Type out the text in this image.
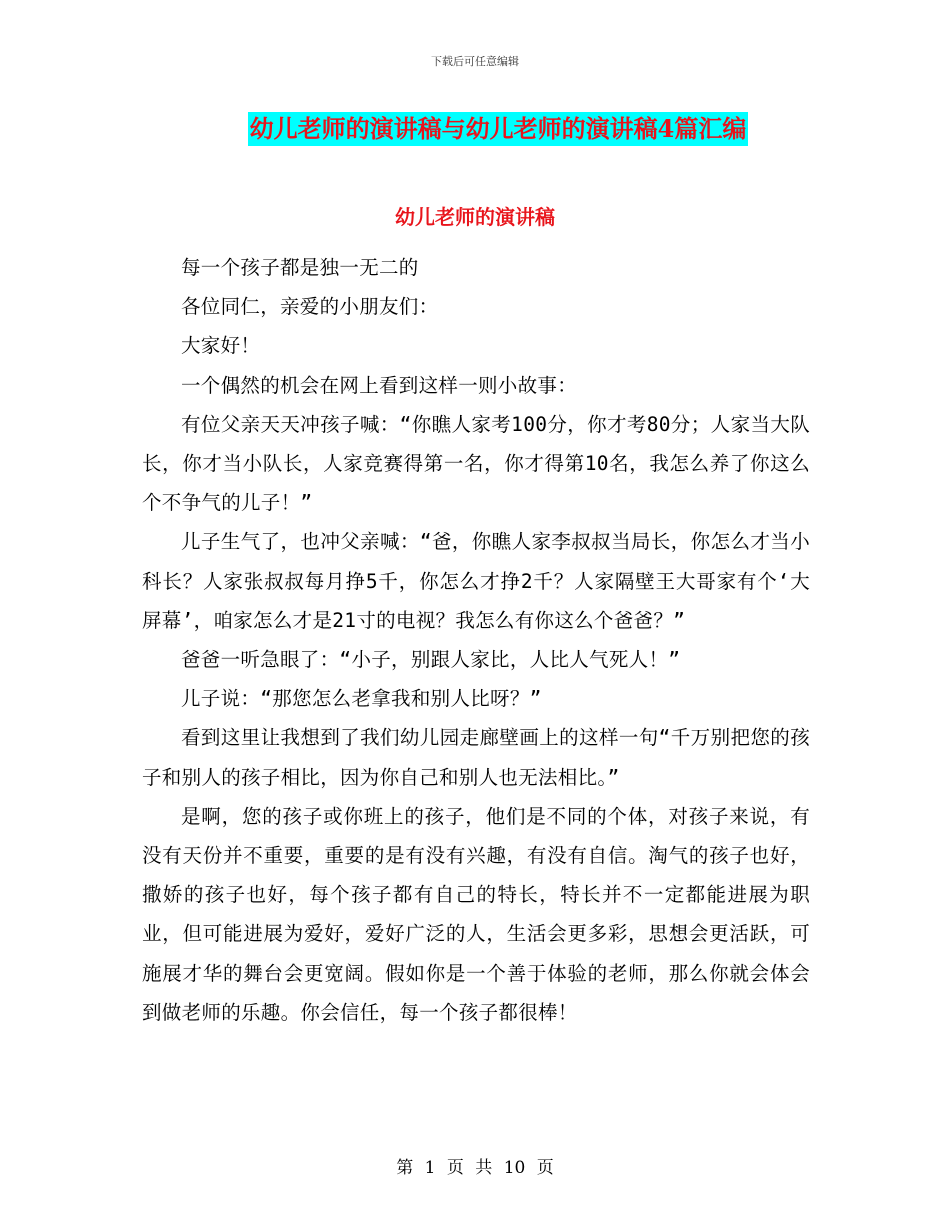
下载后可任意编辑
幼儿老师的演讲稿与幼儿老师的演讲稿4篇汇编
幼儿老师的演讲稿

每一个孩子都是独一无二的

各位同仁，亲爱的小朋友们：

大家好！

一个偶然的机会在网上看到这样一则小故事：

有位父亲天天冲孩子喊：“你瞧人家考100分，你才考80分；人家当大队长，你才当小队长，人家竞赛得第一名，你才得第10名，我怎么养了你这么个不争气的儿子！”

儿子生气了，也冲父亲喊：“爸，你瞧人家李叔叔当局长，你怎么才当小科长？人家张叔叔每月挣5千，你怎么才挣2千？人家隔壁王大哥家有个‘大屏幕’，咱家怎么才是21寸的电视？我怎么有你这么个爸爸？”

爸爸一听急眼了：“小子，别跟人家比，人比人气死人！”

儿子说：“那您怎么老拿我和别人比呀？”

看到这里让我想到了我们幼儿园走廊壁画上的这样一句“千万别把您的孩子和别人的孩子相比，因为你自己和别人也无法相比。”

是啊，您的孩子或你班上的孩子，他们是不同的个体，对孩子来说，有没有天份并不重要，重要的是有没有兴趣，有没有自信。淘气的孩子也好，撒娇的孩子也好，每个孩子都有自己的特长，特长并不一定都能进展为职业，但可能进展为爱好，爱好广泛的人，生活会更多彩，思想会更活跃，可施展才华的舞台会更宽阔。假如你是一个善于体验的老师，那么你就会体会到做老师的乐趣。你会信任，每一个孩子都很棒！

第 1 页 共 10 页
